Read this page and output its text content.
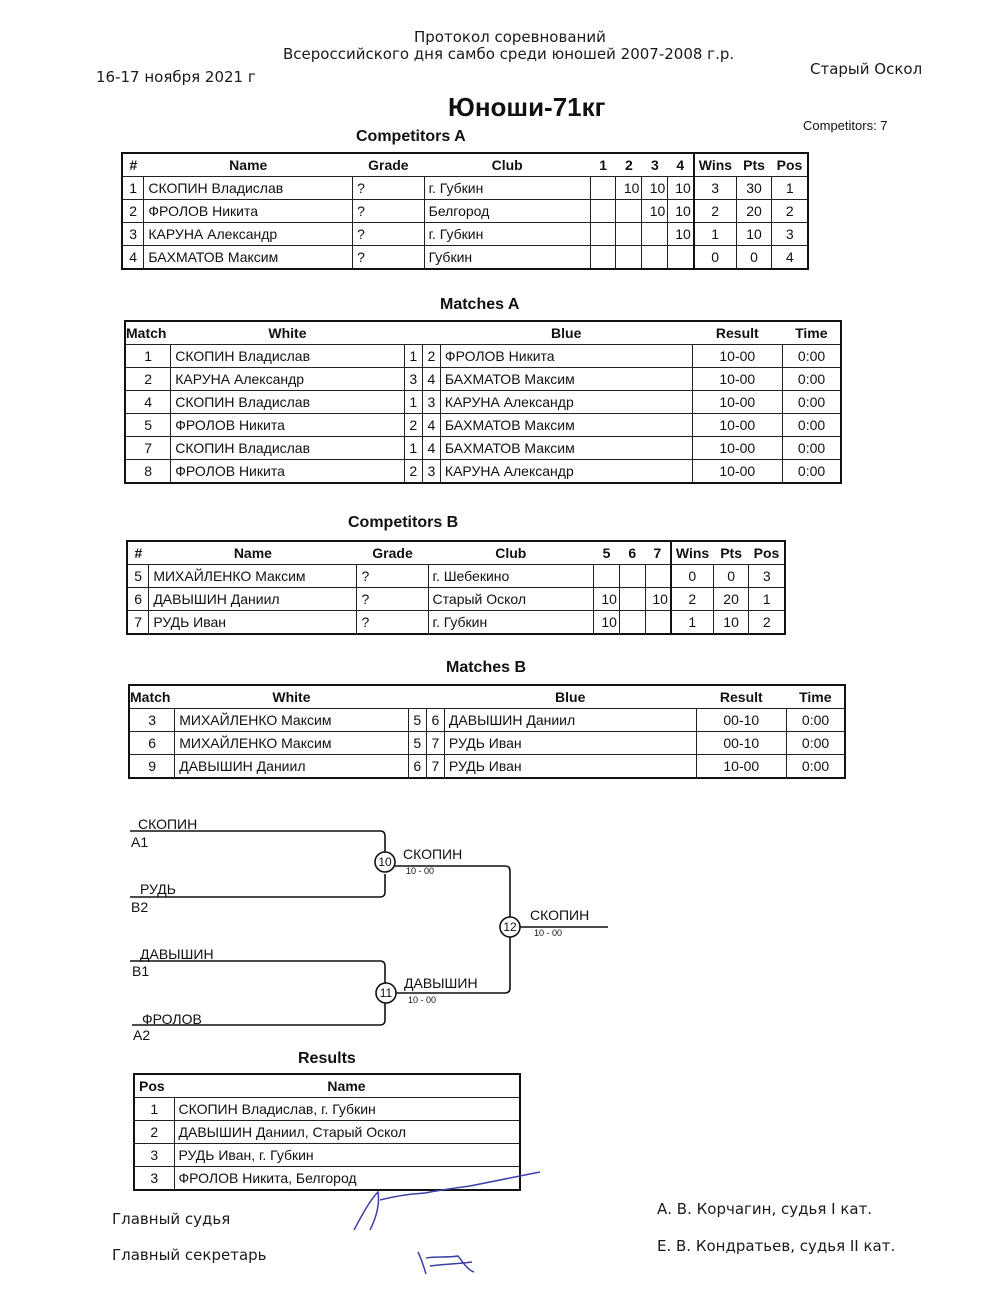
Протокол соревнований
Всероссийского дня самбо среди юношей 2007-2008 г.р.
16-17 ноября 2021 г	Старый Оскол
Юноши-71кг
Competitors: 7
Competitors A
#	Name	Grade	Club	1	2	3	4	Wins	Pts	Pos
1	СКОПИН Владислав	?	г. Губкин		10	10	10	3	30	1
2	ФРОЛОВ Никита	?	Белгород			10	10	2	20	2
3	КАРУНА Александр	?	г. Губкин				10	1	10	3
4	БАХМАТОВ Максим	?	Губкин					0	0	4
Matches A
Match	White			Blue	Result	Time
1	СКОПИН Владислав	1	2	ФРОЛОВ Никита	10-00	0:00
2	КАРУНА Александр	3	4	БАХМАТОВ Максим	10-00	0:00
4	СКОПИН Владислав	1	3	КАРУНА Александр	10-00	0:00
5	ФРОЛОВ Никита	2	4	БАХМАТОВ Максим	10-00	0:00
7	СКОПИН Владислав	1	4	БАХМАТОВ Максим	10-00	0:00
8	ФРОЛОВ Никита	2	3	КАРУНА Александр	10-00	0:00
Competitors B
#	Name	Grade	Club	5	6	7	Wins	Pts	Pos
5	МИХАЙЛЕНКО Максим	?	г. Шебекино				0	0	3
6	ДАВЫШИН Даниил	?	Старый Оскол	10		10	2	20	1
7	РУДЬ Иван	?	г. Губкин	10			1	10	2
Matches B
Match	White			Blue	Result	Time
3	МИХАЙЛЕНКО Максим	5	6	ДАВЫШИН Даниил	00-10	0:00
6	МИХАЙЛЕНКО Максим	5	7	РУДЬ Иван	00-10	0:00
9	ДАВЫШИН Даниил	6	7	РУДЬ Иван	10-00	0:00
СКОПИН
A1
РУДЬ
B2
ДАВЫШИН
B1
ФРОЛОВ
A2
10 СКОПИН
10 - 00
11
ДАВЫШИН
10 - 00
12
СКОПИН
10 - 00
Results
Pos	Name
1	СКОПИН Владислав, г. Губкин
2	ДАВЫШИН Даниил, Старый Оскол
3	РУДЬ Иван, г. Губкин
3	ФРОЛОВ Никита, Белгород
Главный судья
Главный секретарь
А. В. Корчагин, судья I кат.
Е. В. Кондратьев, судья II кат.
